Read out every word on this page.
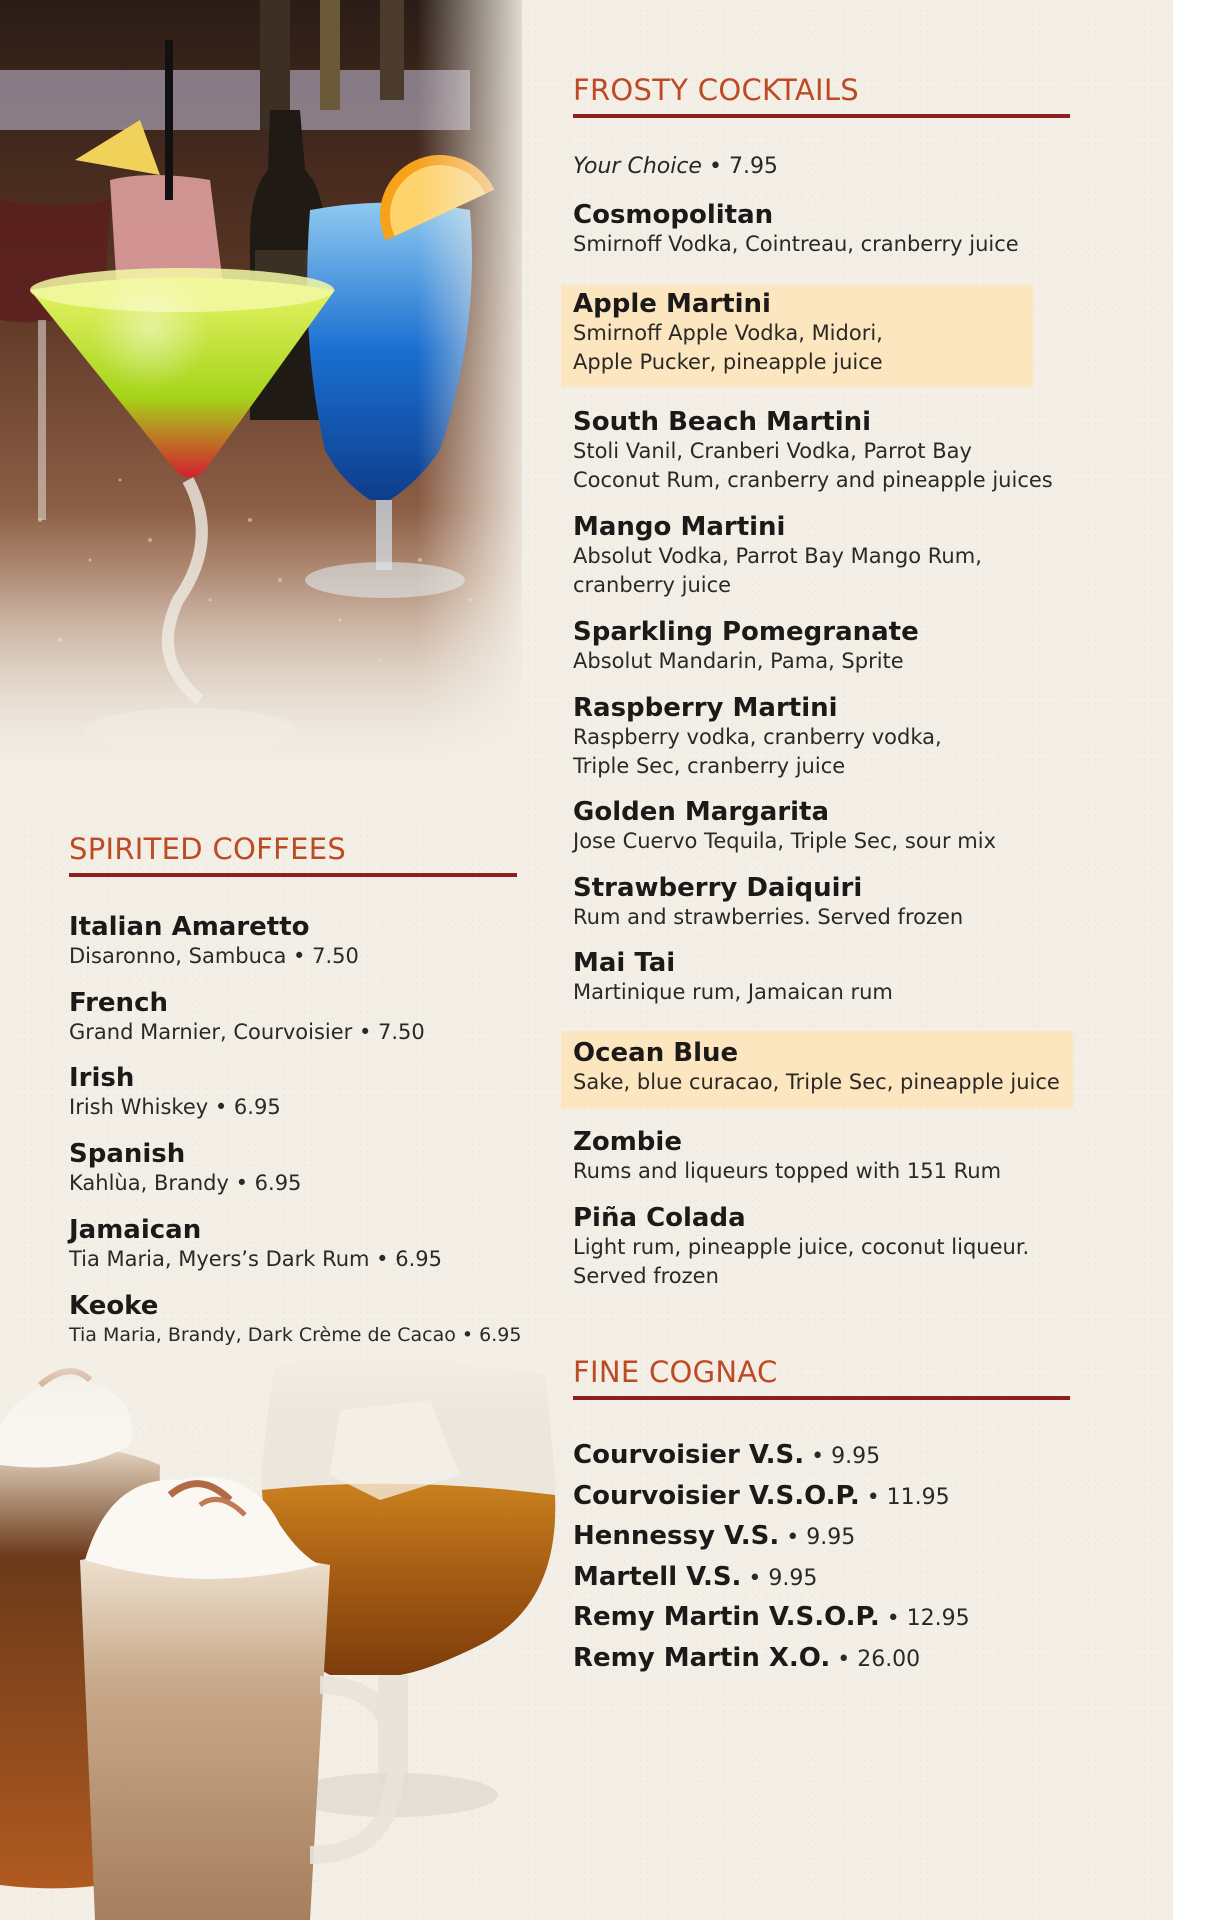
FROSTY COCKTAILS
Your Choice • 7.95
Cosmopolitan
Smirnoff Vodka, Cointreau, cranberry juice
Apple Martini
Smirnoff Apple Vodka, Midori,
Apple Pucker, pineapple juice
South Beach Martini
Stoli Vanil, Cranberi Vodka, Parrot Bay
Coconut Rum, cranberry and pineapple juices
Mango Martini
Absolut Vodka, Parrot Bay Mango Rum,
cranberry juice
Sparkling Pomegranate
Absolut Mandarin, Pama, Sprite
Raspberry Martini
Raspberry vodka, cranberry vodka,
Triple Sec, cranberry juice
Golden Margarita
Jose Cuervo Tequila, Triple Sec, sour mix
Strawberry Daiquiri
Rum and strawberries. Served frozen
Mai Tai
Martinique rum, Jamaican rum
Ocean Blue
Sake, blue curacao, Triple Sec, pineapple juice
Zombie
Rums and liqueurs topped with 151 Rum
Piña Colada
Light rum, pineapple juice, coconut liqueur.
Served frozen
SPIRITED COFFEES
Italian Amaretto
Disaronno, Sambuca • 7.50
French
Grand Marnier, Courvoisier • 7.50
Irish
Irish Whiskey • 6.95
Spanish
Kahlùa, Brandy • 6.95
Jamaican
Tia Maria, Myers’s Dark Rum • 6.95
Keoke
Tia Maria, Brandy, Dark Crème de Cacao • 6.95
FINE COGNAC
Courvoisier V.S. • 9.95
Courvoisier V.S.O.P. • 11.95
Hennessy V.S. • 9.95
Martell V.S. • 9.95
Remy Martin V.S.O.P. • 12.95
Remy Martin X.O. • 26.00
